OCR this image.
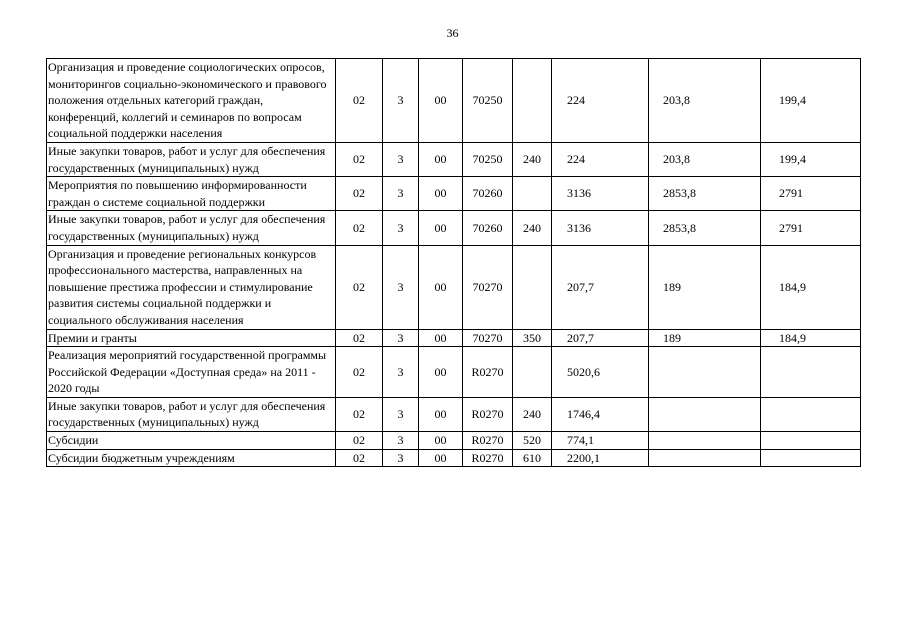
36
Организация и проведение социологических опросов, мониторингов социально-экономического и правового положения отдельных категорий граждан, конференций, коллегий и семинаров по вопросам социальной поддержки населения	02	3	00	70250		224	203,8	199,4
Иные закупки товаров, работ и услуг для обеспечения государственных (муниципальных) нужд	02	3	00	70250	240	224	203,8	199,4
Мероприятия по повышению информированности граждан о системе социальной поддержки	02	3	00	70260		3136	2853,8	2791
Иные закупки товаров, работ и услуг для обеспечения государственных (муниципальных) нужд	02	3	00	70260	240	3136	2853,8	2791
Организация и проведение региональных конкурсов профессионального мастерства, направленных на повышение престижа профессии и стимулирование развития системы социальной поддержки и социального обслуживания населения	02	3	00	70270		207,7	189	184,9
Премии и гранты	02	3	00	70270	350	207,7	189	184,9
Реализация мероприятий государственной программы Российской Федерации «Доступная среда» на 2011 - 2020 годы	02	3	00	R0270		5020,6		
Иные закупки товаров, работ и услуг для обеспечения государственных (муниципальных) нужд	02	3	00	R0270	240	1746,4		
Субсидии	02	3	00	R0270	520	774,1		
Субсидии бюджетным учреждениям	02	3	00	R0270	610	2200,1		
